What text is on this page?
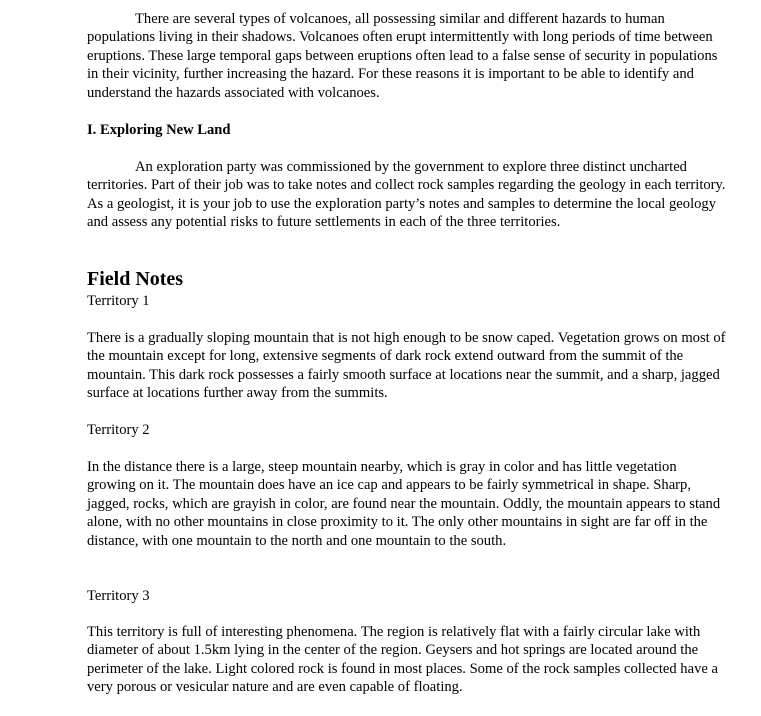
There are several types of volcanoes, all possessing similar and different hazards to human populations living in their shadows. Volcanoes often erupt intermittently with long periods of time between eruptions. These large temporal gaps between eruptions often lead to a false sense of security in populations in their vicinity, further increasing the hazard. For these reasons it is important to be able to identify and understand the hazards associated with volcanoes.

I. Exploring New Land

An exploration party was commissioned by the government to explore three distinct uncharted territories. Part of their job was to take notes and collect rock samples regarding the geology in each territory. As a geologist, it is your job to use the exploration party’s notes and samples to determine the local geology and assess any potential risks to future settlements in each of the three territories.

Field Notes

Territory 1

There is a gradually sloping mountain that is not high enough to be snow caped. Vegetation grows on most of the mountain except for long, extensive segments of dark rock extend outward from the summit of the mountain. This dark rock possesses a fairly smooth surface at locations near the summit, and a sharp, jagged surface at locations further away from the summits.

Territory 2

In the distance there is a large, steep mountain nearby, which is gray in color and has little vegetation growing on it. The mountain does have an ice cap and appears to be fairly symmetrical in shape. Sharp, jagged, rocks, which are grayish in color, are found near the mountain. Oddly, the mountain appears to stand alone, with no other mountains in close proximity to it. The only other mountains in sight are far off in the distance, with one mountain to the north and one mountain to the south.

Territory 3

This territory is full of interesting phenomena. The region is relatively flat with a fairly circular lake with diameter of about 1.5km lying in the center of the region. Geysers and hot springs are located around the perimeter of the lake. Light colored rock is found in most places. Some of the rock samples collected have a very porous or vesicular nature and are even capable of floating.
